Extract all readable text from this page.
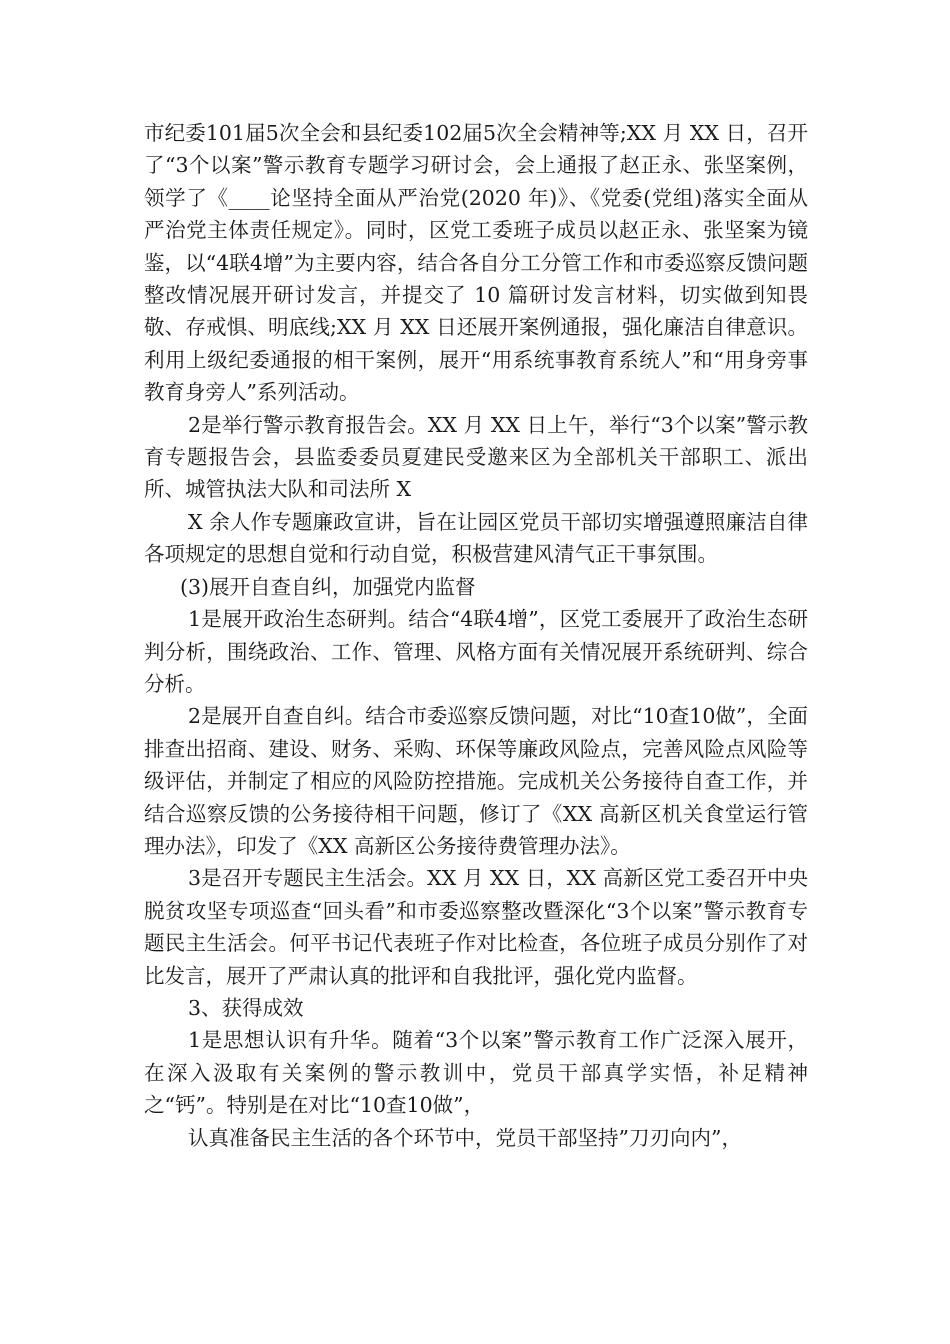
市纪委101届5次全会和县纪委102届5次全会精神等;XX 月 XX 日，召开了“3个以案”警示教育专题学习研讨会，会上通报了赵正永、张坚案例，领学了《____论坚持全面从严治党(2020 年)》、《党委(党组)落实全面从严治党主体责任规定》。同时，区党工委班子成员以赵正永、张坚案为镜鉴，以“4联4增”为主要内容，结合各自分工分管工作和市委巡察反馈问题整改情况展开研讨发言，并提交了 10 篇研讨发言材料，切实做到知畏敬、存戒惧、明底线;XX 月 XX 日还展开案例通报，强化廉洁自律意识。利用上级纪委通报的相干案例，展开“用系统事教育系统人”和“用身旁事教育身旁人”系列活动。

2是举行警示教育报告会。XX 月 XX 日上午，举行“3个以案”警示教育专题报告会，县监委委员夏建民受邀来区为全部机关干部职工、派出所、城管执法大队和司法所 X

X 余人作专题廉政宣讲，旨在让园区党员干部切实增强遵照廉洁自律各项规定的思想自觉和行动自觉，积极营建风清气正干事氛围。

(3)展开自查自纠，加强党内监督

1是展开政治生态研判。结合“4联4增”，区党工委展开了政治生态研判分析，围绕政治、工作、管理、风格方面有关情况展开系统研判、综合分析。

2是展开自查自纠。结合市委巡察反馈问题，对比“10查10做”，全面排查出招商、建设、财务、采购、环保等廉政风险点，完善风险点风险等级评估，并制定了相应的风险防控措施。完成机关公务接待自查工作，并结合巡察反馈的公务接待相干问题，修订了《XX 高新区机关食堂运行管理办法》，印发了《XX 高新区公务接待费管理办法》。

3是召开专题民主生活会。XX 月 XX 日，XX 高新区党工委召开中央脱贫攻坚专项巡查“回头看”和市委巡察整改暨深化“3个以案”警示教育专题民主生活会。何平书记代表班子作对比检查，各位班子成员分别作了对比发言，展开了严肃认真的批评和自我批评，强化党内监督。

3、获得成效

1是思想认识有升华。随着“3个以案”警示教育工作广泛深入展开，在深入汲取有关案例的警示教训中，党员干部真学实悟，补足精神之“钙”。特别是在对比“10查10做”，

认真准备民主生活的各个环节中，党员干部坚持”刀刃向内”，
